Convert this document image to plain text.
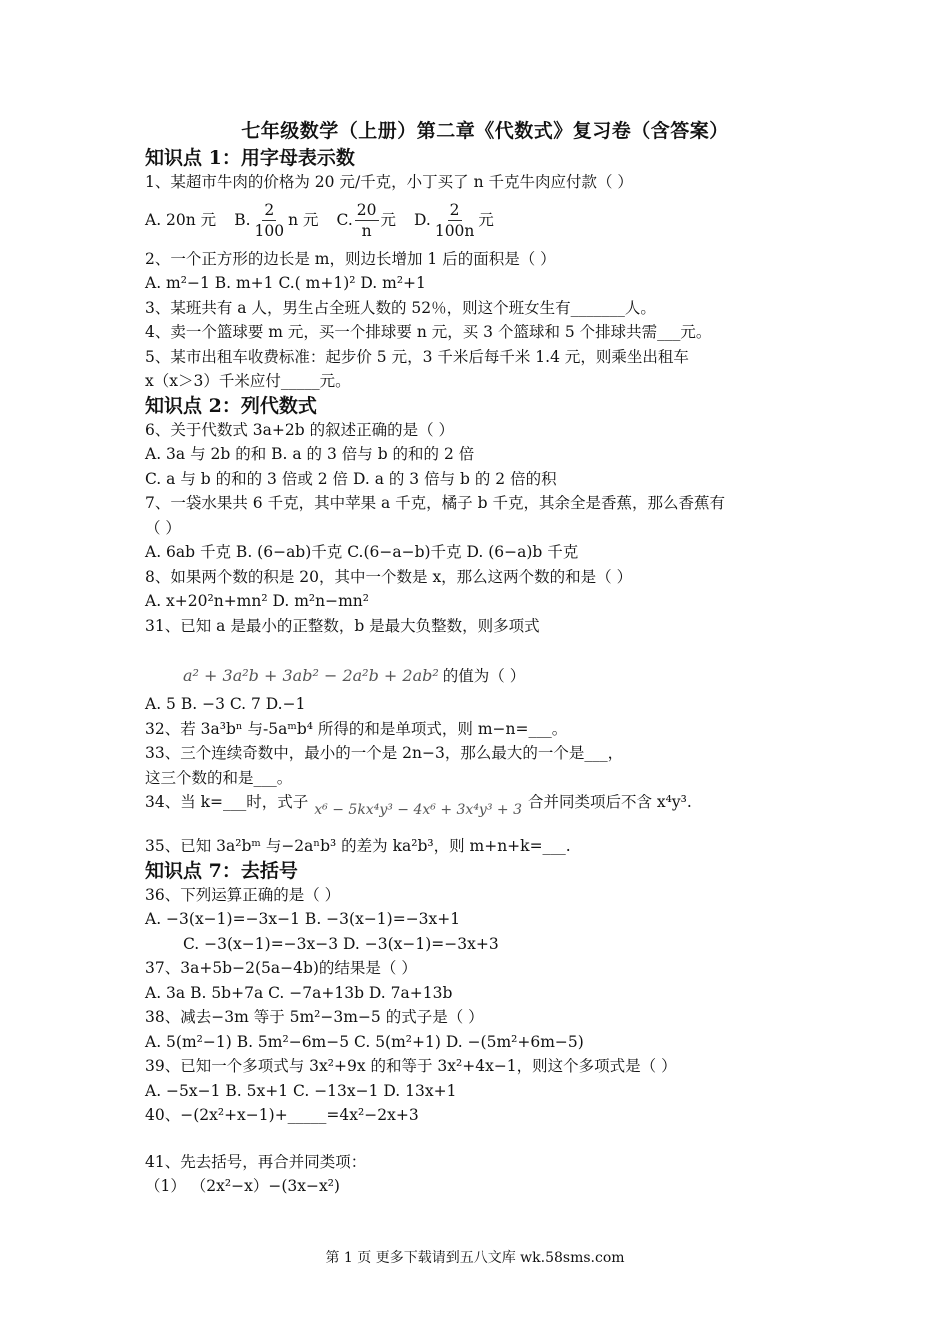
七年级数学（上册）第二章《代数式》复习卷（含答案）

知识点 1：用字母表示数

1、某超市牛肉的价格为 20 元/千克，小丁买了 n 千克牛肉应付款（ ）

A. 20n 元 B. $\frac{2}{100}$ n 元 C. $\frac{20}{n}$ 元 D. $\frac{2}{100n}$ 元

2、一个正方形的边长是 m，则边长增加 1 后的面积是（ ）

A. m²−1 B. m+1 C.( m+1)² D. m²+1

3、某班共有 a 人，男生占全班人数的 52％，则这个班女生有_______人。

4、卖一个篮球要 m 元，买一个排球要 n 元，买 3 个篮球和 5 个排球共需___元。

5、某市出租车收费标准：起步价 5 元，3 千米后每千米 1.4 元，则乘坐出租车

x（x＞3）千米应付_____元。

知识点 2：列代数式

6、关于代数式 3a+2b 的叙述正确的是（ ）

A. 3a 与 2b 的和 B. a 的 3 倍与 b 的和的 2 倍

C. a 与 b 的和的 3 倍或 2 倍 D. a 的 3 倍与 b 的 2 倍的积

7、一袋水果共 6 千克，其中苹果 a 千克，橘子 b 千克，其余全是香蕉，那么香蕉有

（ ）

A. 6ab 千克 B. (6−ab)千克 C.(6−a−b)千克 D. (6−a)b 千克

8、如果两个数的积是 20，其中一个数是 x，那么这两个数的和是（ ）

A. x+20²n+mn² D. m²n−mn²

31、已知 a 是最小的正整数，b 是最大负整数，则多项式

a² + 3a²b + 3ab² − 2a²b + 2ab² 的值为（ ）

A. 5 B. −3 C. 7 D.−1

32、若 3a³bⁿ 与-5aᵐb⁴ 所得的和是单项式，则 m−n=___。

33、三个连续奇数中，最小的一个是 2n−3，那么最大的一个是___，

这三个数的和是___。

34、当 k=___时，式子 x⁶ − 5kx⁴y³ − 4x⁶ + 3x⁴y³ + 3 合并同类项后不含 x⁴y³.

35、已知 3a²bᵐ 与−2aⁿb³ 的差为 ka²b³，则 m+n+k=___.

知识点 7：去括号

36、下列运算正确的是（ ）

A. −3(x−1)=−3x−1 B. −3(x−1)=−3x+1

C. −3(x−1)=−3x−3 D. −3(x−1)=−3x+3

37、3a+5b−2(5a−4b)的结果是（ ）

A. 3a B. 5b+7a C. −7a+13b D. 7a+13b

38、减去−3m 等于 5m²−3m−5 的式子是（ ）

A. 5(m²−1) B. 5m²−6m−5 C. 5(m²+1) D. −(5m²+6m−5)

39、已知一个多项式与 3x²+9x 的和等于 3x²+4x−1，则这个多项式是（ ）

A. −5x−1 B. 5x+1 C. −13x−1 D. 13x+1

40、−(2x²+x−1)+_____=4x²−2x+3

41、先去括号，再合并同类项：

（1） （2x²−x）−(3x−x²)

第 1 页 更多下载请到五八文库 wk.58sms.com
